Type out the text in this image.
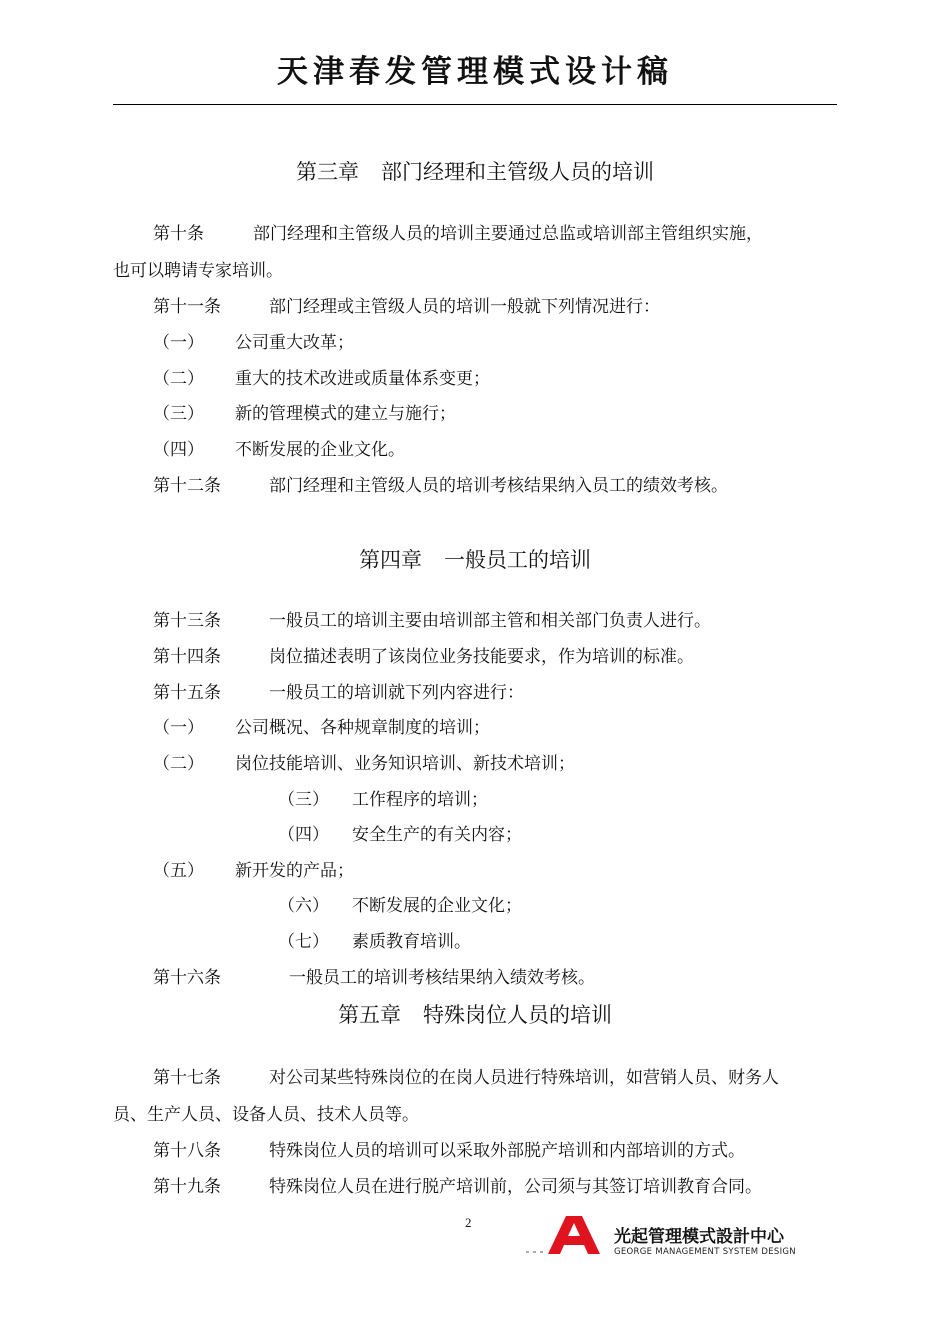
天津春发管理模式设计稿
第三章 部门经理和主管级人员的培训
第十条	部门经理和主管级人员的培训主要通过总监或培训部主管组织实施，
也可以聘请专家培训。
第十一条	部门经理或主管级人员的培训一般就下列情况进行：
（一） 公司重大改革；
（二） 重大的技术改进或质量体系变更；
（三） 新的管理模式的建立与施行；
（四） 不断发展的企业文化。
第十二条	部门经理和主管级人员的培训考核结果纳入员工的绩效考核。
第四章 一般员工的培训
第十三条	一般员工的培训主要由培训部主管和相关部门负责人进行。
第十四条	岗位描述表明了该岗位业务技能要求，作为培训的标准。
第十五条	一般员工的培训就下列内容进行：
（一） 公司概况、各种规章制度的培训；
（二） 岗位技能培训、业务知识培训、新技术培训；
（三） 工作程序的培训；
（四） 安全生产的有关内容；
（五） 新开发的产品；
（六） 不断发展的企业文化；
（七） 素质教育培训。
第十六条	一般员工的培训考核结果纳入绩效考核。
第五章 特殊岗位人员的培训
第十七条	对公司某些特殊岗位的在岗人员进行特殊培训，如营销人员、财务人
员、生产人员、设备人员、技术人员等。
第十八条	特殊岗位人员的培训可以采取外部脱产培训和内部培训的方式。
第十九条	特殊岗位人员在进行脱产培训前，公司须与其签订培训教育合同。
2
光起管理模式設計中心
GEORGE MANAGEMENT SYSTEM DESIGN
